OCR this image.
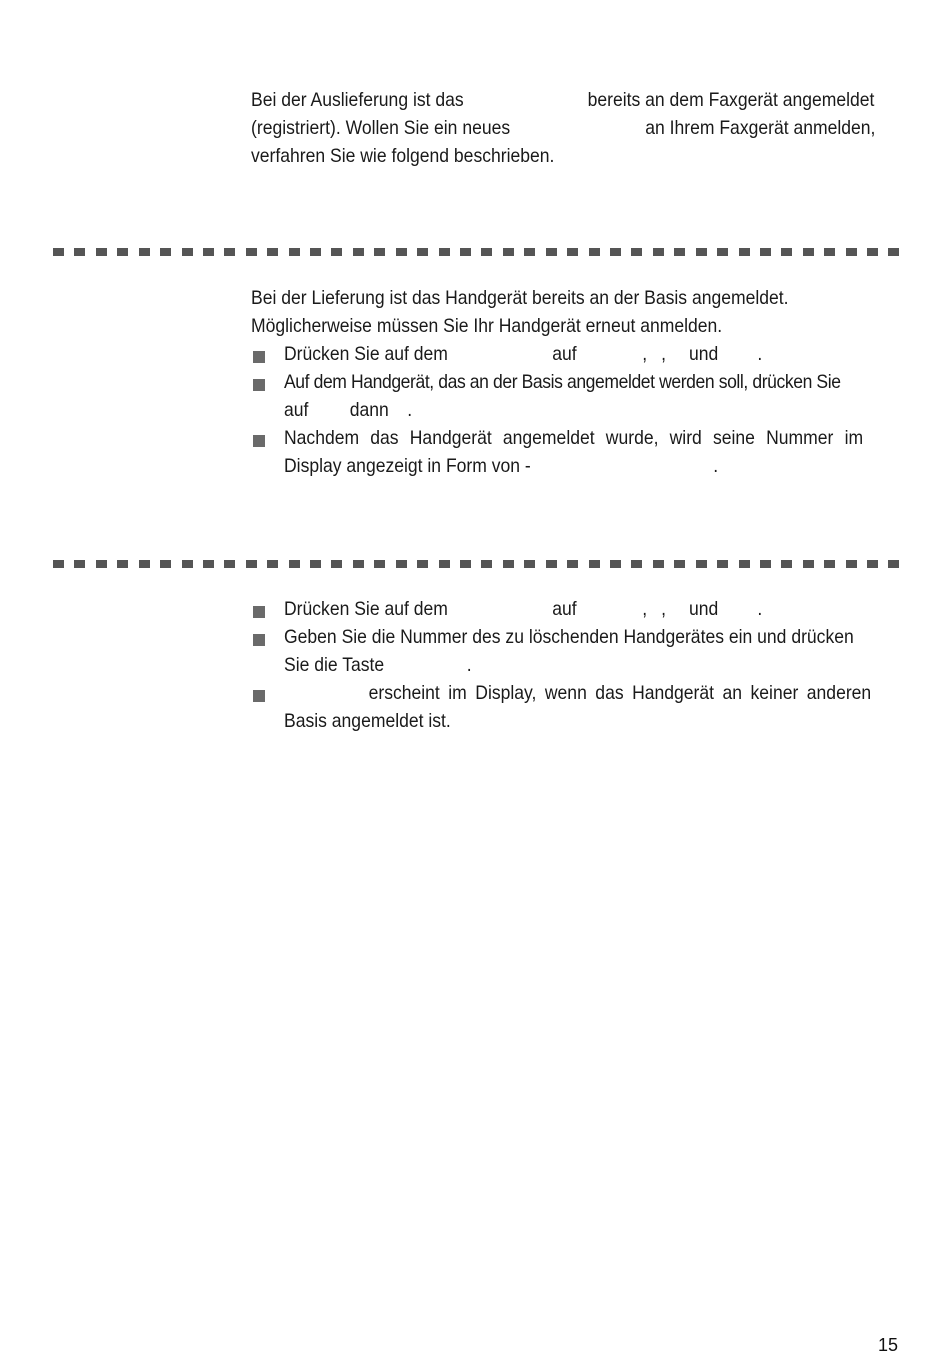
Bei der Auslieferung ist das	bereits an dem Faxgerät angemeldet
(registriert). Wollen Sie ein neues	an Ihrem Faxgerät anmelden,
verfahren Sie wie folgend beschrieben.
Bei der Lieferung ist das Handgerät bereits an der Basis angemeldet.
Möglicherweise müssen Sie Ihr Handgerät erneut anmelden.
Drücken Sie auf dem	auf	, , und .
Auf dem Handgerät, das an der Basis angemeldet werden soll, drücken Sie
auf dann .
Nachdem das Handgerät angemeldet wurde, wird seine Nummer im
Display angezeigt in Form von -	.
Drücken Sie auf dem	auf	, , und .
Geben Sie die Nummer des zu löschenden Handgerätes ein und drücken
Sie die Taste	.
erscheint im Display, wenn das Handgerät an keiner anderen
Basis angemeldet ist.
15
